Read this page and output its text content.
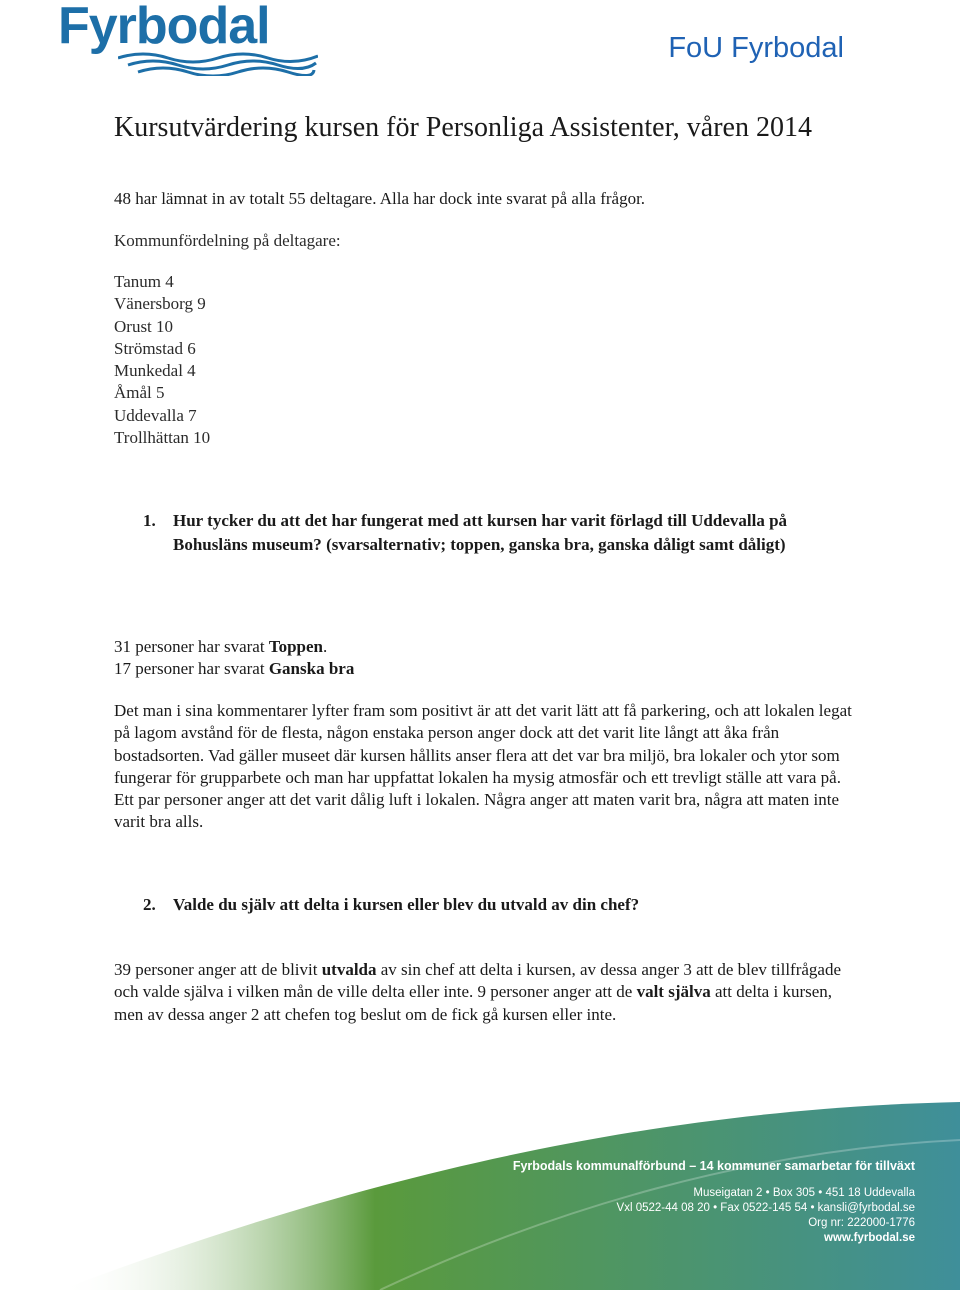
Fyrbodal	FoU Fyrbodal
Kursutvärdering kursen för Personliga Assistenter, våren 2014
48 har lämnat in av totalt 55 deltagare. Alla har dock inte svarat på alla frågor.
Kommunfördelning på deltagare:
Tanum 4
Vänersborg 9
Orust 10
Strömstad 6
Munkedal 4
Åmål 5
Uddevalla 7
Trollhättan 10
1. Hur tycker du att det har fungerat med att kursen har varit förlagd till Uddevalla på Bohusläns museum? (svarsalternativ; toppen, ganska bra, ganska dåligt samt dåligt)
31 personer har svarat Toppen.
17 personer har svarat Ganska bra
Det man i sina kommentarer lyfter fram som positivt är att det varit lätt att få parkering, och att lokalen legat på lagom avstånd för de flesta, någon enstaka person anger dock att det varit lite långt att åka från bostadsorten. Vad gäller museet där kursen hållits anser flera att det var bra miljö, bra lokaler och ytor som fungerar för grupparbete och man har uppfattat lokalen ha mysig atmosfär och ett trevligt ställe att vara på. Ett par personer anger att det varit dålig luft i lokalen. Några anger att maten varit bra, några att maten inte varit bra alls.
2. Valde du själv att delta i kursen eller blev du utvald av din chef?
39 personer anger att de blivit utvalda av sin chef att delta i kursen, av dessa anger 3 att de blev tillfrågade och valde själva i vilken mån de ville delta eller inte. 9 personer anger att de valt själva att delta i kursen, men av dessa anger 2 att chefen tog beslut om de fick gå kursen eller inte.
Fyrbodals kommunalförbund – 14 kommuner samarbetar för tillväxt
Museigatan 2 • Box 305 • 451 18 Uddevalla
Vxl 0522-44 08 20 • Fax 0522-145 54 • kansli@fyrbodal.se
Org nr: 222000-1776
www.fyrbodal.se
